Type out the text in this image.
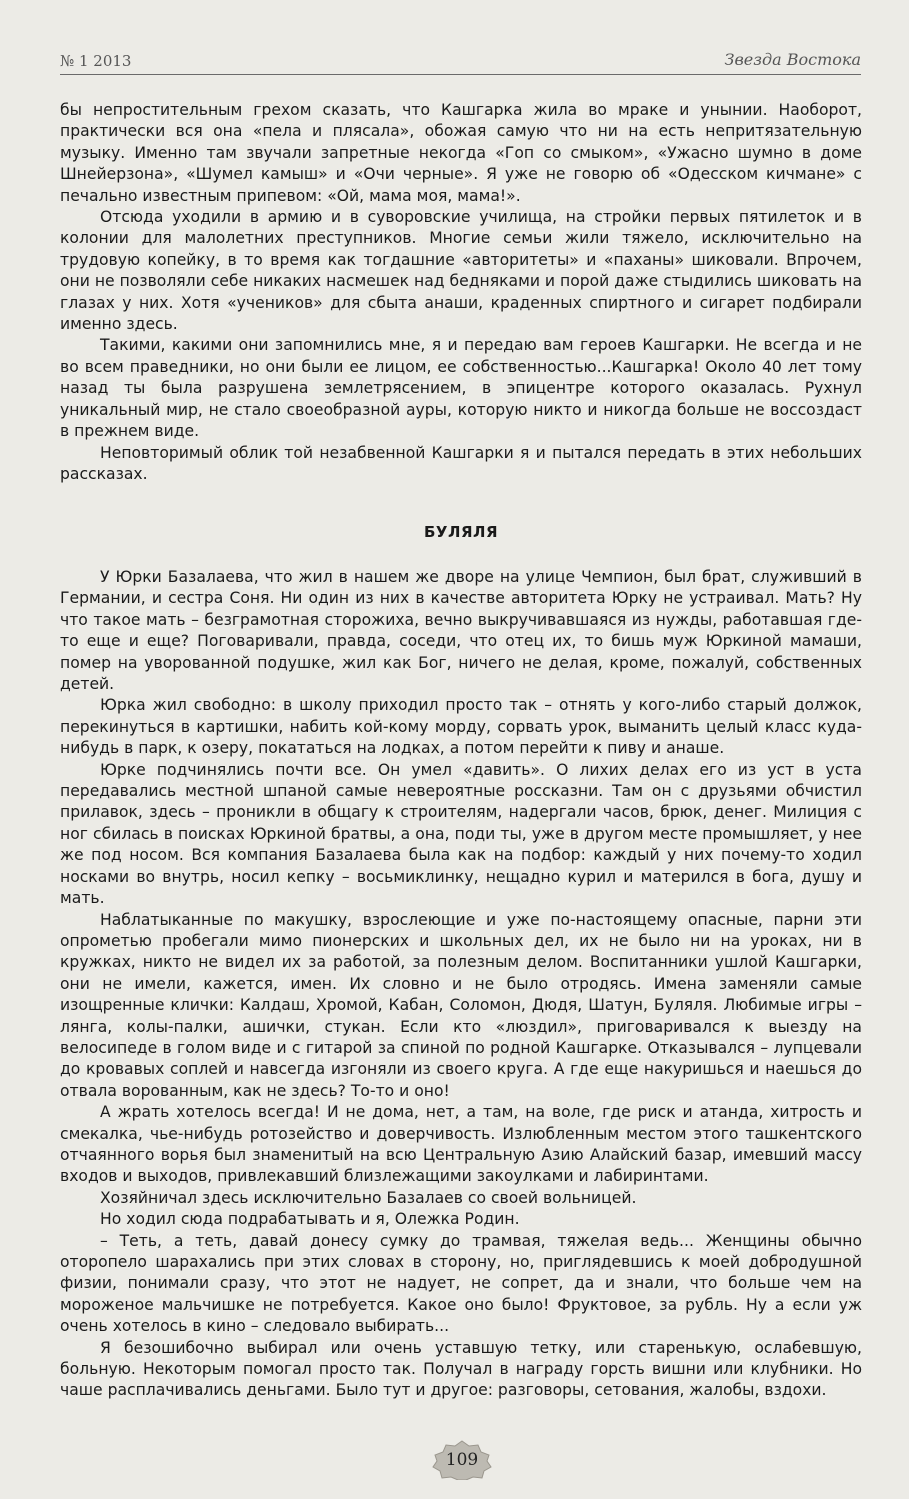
№ 1 2013	Звезда Востока

бы непростительным грехом сказать, что Кашгарка жила во мраке и унынии. Наоборот, практически вся она «пела и плясала», обожая самую что ни на есть непритязательную музыку. Именно там звучали запретные некогда «Гоп со смыком», «Ужасно шумно в доме Шнейерзона», «Шумел камыш» и «Очи черные». Я уже не говорю об «Одесском кичмане» с печально известным припевом: «Ой, мама моя, мама!».

Отсюда уходили в армию и в суворовские училища, на стройки первых пятилеток и в колонии для малолетних преступников. Многие семьи жили тяжело, исключительно на трудовую копейку, в то время как тогдашние «авторитеты» и «паханы» шиковали. Впрочем, они не позволяли себе никаких насмешек над бедняками и порой даже стыдились шиковать на глазах у них. Хотя «учеников» для сбыта анаши, краденных спиртного и сигарет подбирали именно здесь.

Такими, какими они запомнились мне, я и передаю вам героев Кашгарки. Не всегда и не во всем праведники, но они были ее лицом, ее собственностью...Кашгарка! Около 40 лет тому назад ты была разрушена землетрясением, в эпицентре которого оказалась. Рухнул уникальный мир, не стало своеобразной ауры, которую никто и никогда больше не воссоздаст в прежнем виде.

Неповторимый облик той незабвенной Кашгарки я и пытался передать в этих небольших рассказах.

БУЛЯЛЯ

У Юрки Базалаева, что жил в нашем же дворе на улице Чемпион, был брат, служивший в Германии, и сестра Соня. Ни один из них в качестве авторитета Юрку не устраивал. Мать? Ну что такое мать – безграмотная сторожиха, вечно выкручивавшаяся из нужды, работавшая где-то еще и еще? Поговаривали, правда, соседи, что отец их, то бишь муж Юркиной мамаши, помер на уворованной подушке, жил как Бог, ничего не делая, кроме, пожалуй, собственных детей.

Юрка жил свободно: в школу приходил просто так – отнять у кого-либо старый должок, перекинуться в картишки, набить кой-кому морду, сорвать урок, выманить целый класс куда-нибудь в парк, к озеру, покататься на лодках, а потом перейти к пиву и анаше.

Юрке подчинялись почти все. Он умел «давить». О лихих делах его из уст в уста передавались местной шпаной самые невероятные россказни. Там он с друзьями обчистил прилавок, здесь – проникли в общагу к строителям, надергали часов, брюк, денег. Милиция с ног сбилась в поисках Юркиной братвы, а она, поди ты, уже в другом месте промышляет, у нее же под носом. Вся компания Базалаева была как на подбор: каждый у них почему-то ходил носками во внутрь, носил кепку – восьмиклинку, нещадно курил и матерился в бога, душу и мать.

Наблатыканные по макушку, взрослеющие и уже по-настоящему опасные, парни эти опрометью пробегали мимо пионерских и школьных дел, их не было ни на уроках, ни в кружках, никто не видел их за работой, за полезным делом. Воспитанники ушлой Кашгарки, они не имели, кажется, имен. Их словно и не было отродясь. Имена заменяли самые изощренные клички: Калдаш, Хромой, Кабан, Соломон, Дюдя, Шатун, Буляля. Любимые игры – лянга, колы-палки, ашички, стукан. Если кто «люздил», приговаривался к выезду на велосипеде в голом виде и с гитарой за спиной по родной Кашгарке. Отказывался – лупцевали до кровавых соплей и навсегда изгоняли из своего круга. А где еще накуришься и наешься до отвала ворованным, как не здесь? То-то и оно!

А жрать хотелось всегда! И не дома, нет, а там, на воле, где риск и атанда, хитрость и смекалка, чье-нибудь ротозейство и доверчивость. Излюбленным местом этого ташкентского отчаянного ворья был знаменитый на всю Центральную Азию Алайский базар, имевший массу входов и выходов, привлекавший близлежащими закоулками и лабиринтами.

Хозяйничал здесь исключительно Базалаев со своей вольницей.

Но ходил сюда подрабатывать и я, Олежка Родин.

– Теть, а теть, давай донесу сумку до трамвая, тяжелая ведь... Женщины обычно оторопело шарахались при этих словах в сторону, но, приглядевшись к моей добродушной физии, понимали сразу, что этот не надует, не сопрет, да и знали, что больше чем на мороженое мальчишке не потребуется. Какое оно было! Фруктовое, за рубль. Ну а если уж очень хотелось в кино – следовало выбирать...

Я безошибочно выбирал или очень уставшую тетку, или старенькую, ослабевшую, больную. Некоторым помогал просто так. Получал в награду горсть вишни или клубники. Но чаше расплачивались деньгами. Было тут и другое: разговоры, сетования, жалобы, вздохи.

109
